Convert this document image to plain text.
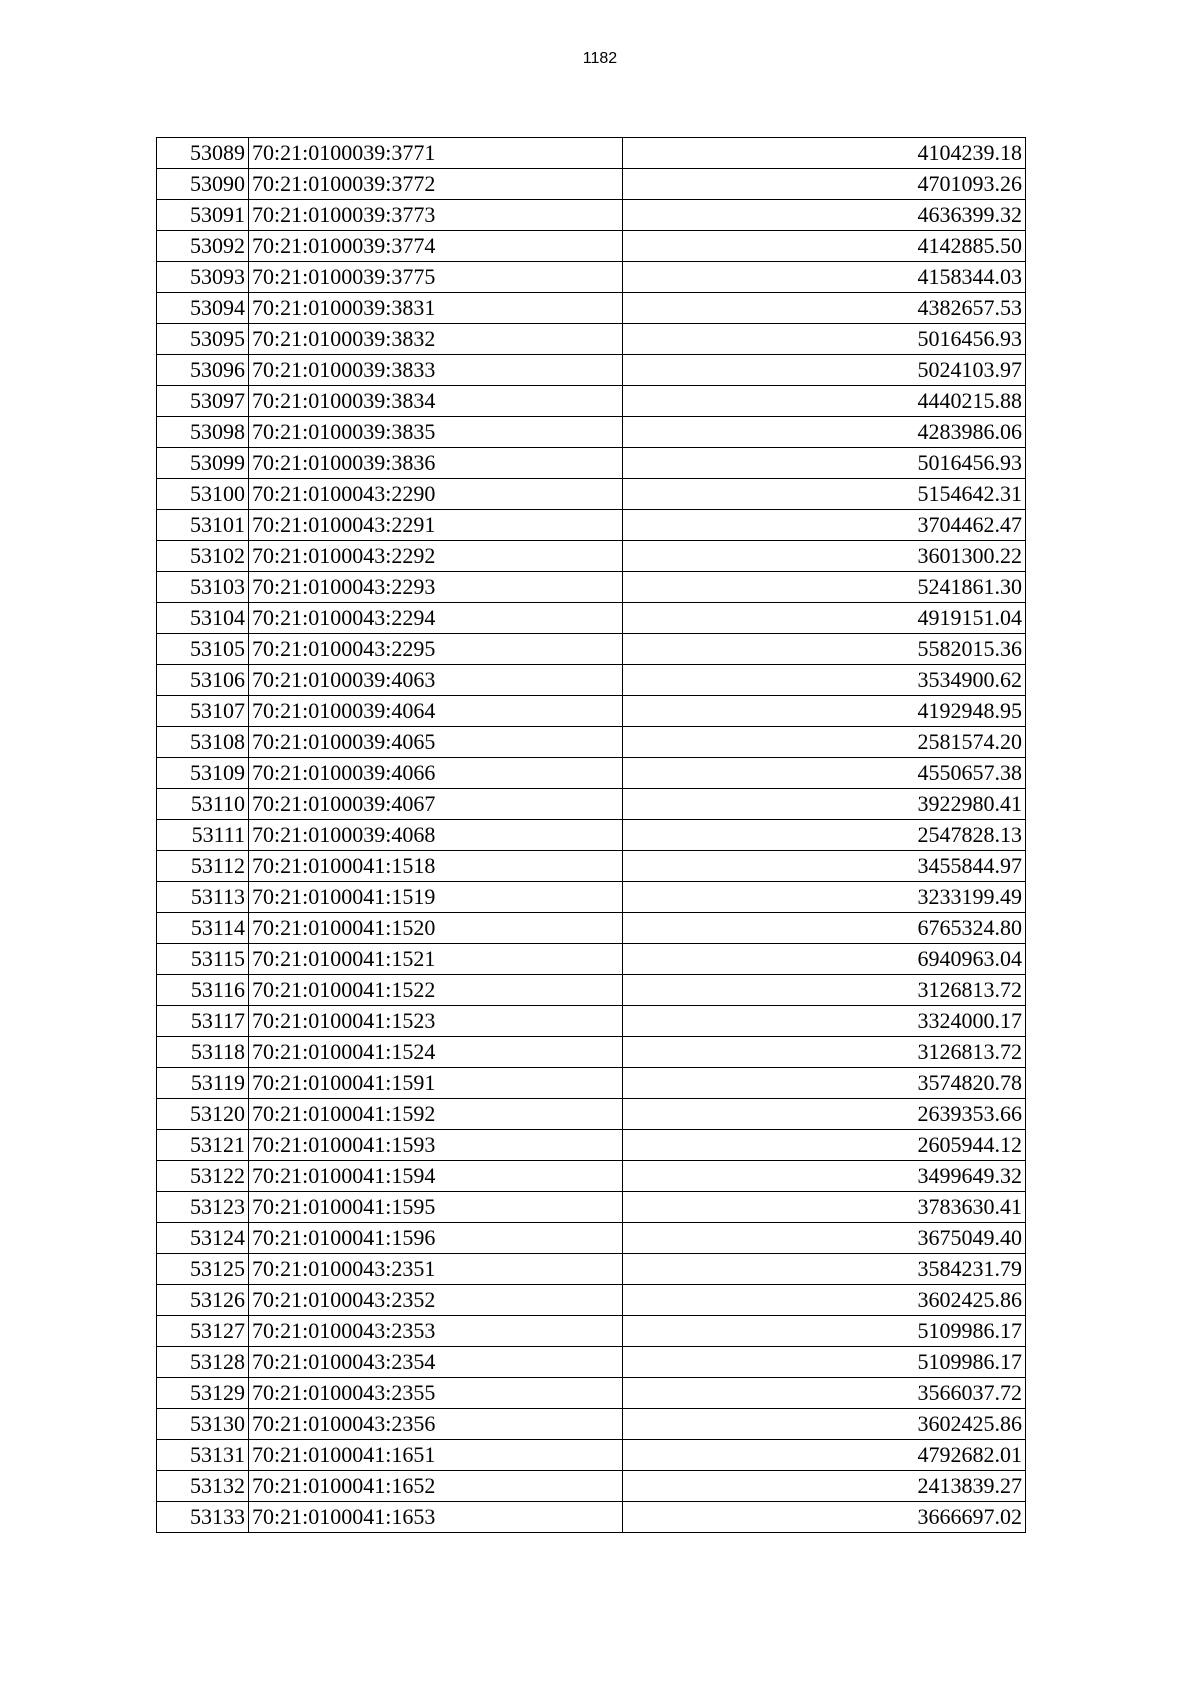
1182
53089	70:21:0100039:3771	4104239.18
53090	70:21:0100039:3772	4701093.26
53091	70:21:0100039:3773	4636399.32
53092	70:21:0100039:3774	4142885.50
53093	70:21:0100039:3775	4158344.03
53094	70:21:0100039:3831	4382657.53
53095	70:21:0100039:3832	5016456.93
53096	70:21:0100039:3833	5024103.97
53097	70:21:0100039:3834	4440215.88
53098	70:21:0100039:3835	4283986.06
53099	70:21:0100039:3836	5016456.93
53100	70:21:0100043:2290	5154642.31
53101	70:21:0100043:2291	3704462.47
53102	70:21:0100043:2292	3601300.22
53103	70:21:0100043:2293	5241861.30
53104	70:21:0100043:2294	4919151.04
53105	70:21:0100043:2295	5582015.36
53106	70:21:0100039:4063	3534900.62
53107	70:21:0100039:4064	4192948.95
53108	70:21:0100039:4065	2581574.20
53109	70:21:0100039:4066	4550657.38
53110	70:21:0100039:4067	3922980.41
53111	70:21:0100039:4068	2547828.13
53112	70:21:0100041:1518	3455844.97
53113	70:21:0100041:1519	3233199.49
53114	70:21:0100041:1520	6765324.80
53115	70:21:0100041:1521	6940963.04
53116	70:21:0100041:1522	3126813.72
53117	70:21:0100041:1523	3324000.17
53118	70:21:0100041:1524	3126813.72
53119	70:21:0100041:1591	3574820.78
53120	70:21:0100041:1592	2639353.66
53121	70:21:0100041:1593	2605944.12
53122	70:21:0100041:1594	3499649.32
53123	70:21:0100041:1595	3783630.41
53124	70:21:0100041:1596	3675049.40
53125	70:21:0100043:2351	3584231.79
53126	70:21:0100043:2352	3602425.86
53127	70:21:0100043:2353	5109986.17
53128	70:21:0100043:2354	5109986.17
53129	70:21:0100043:2355	3566037.72
53130	70:21:0100043:2356	3602425.86
53131	70:21:0100041:1651	4792682.01
53132	70:21:0100041:1652	2413839.27
53133	70:21:0100041:1653	3666697.02
